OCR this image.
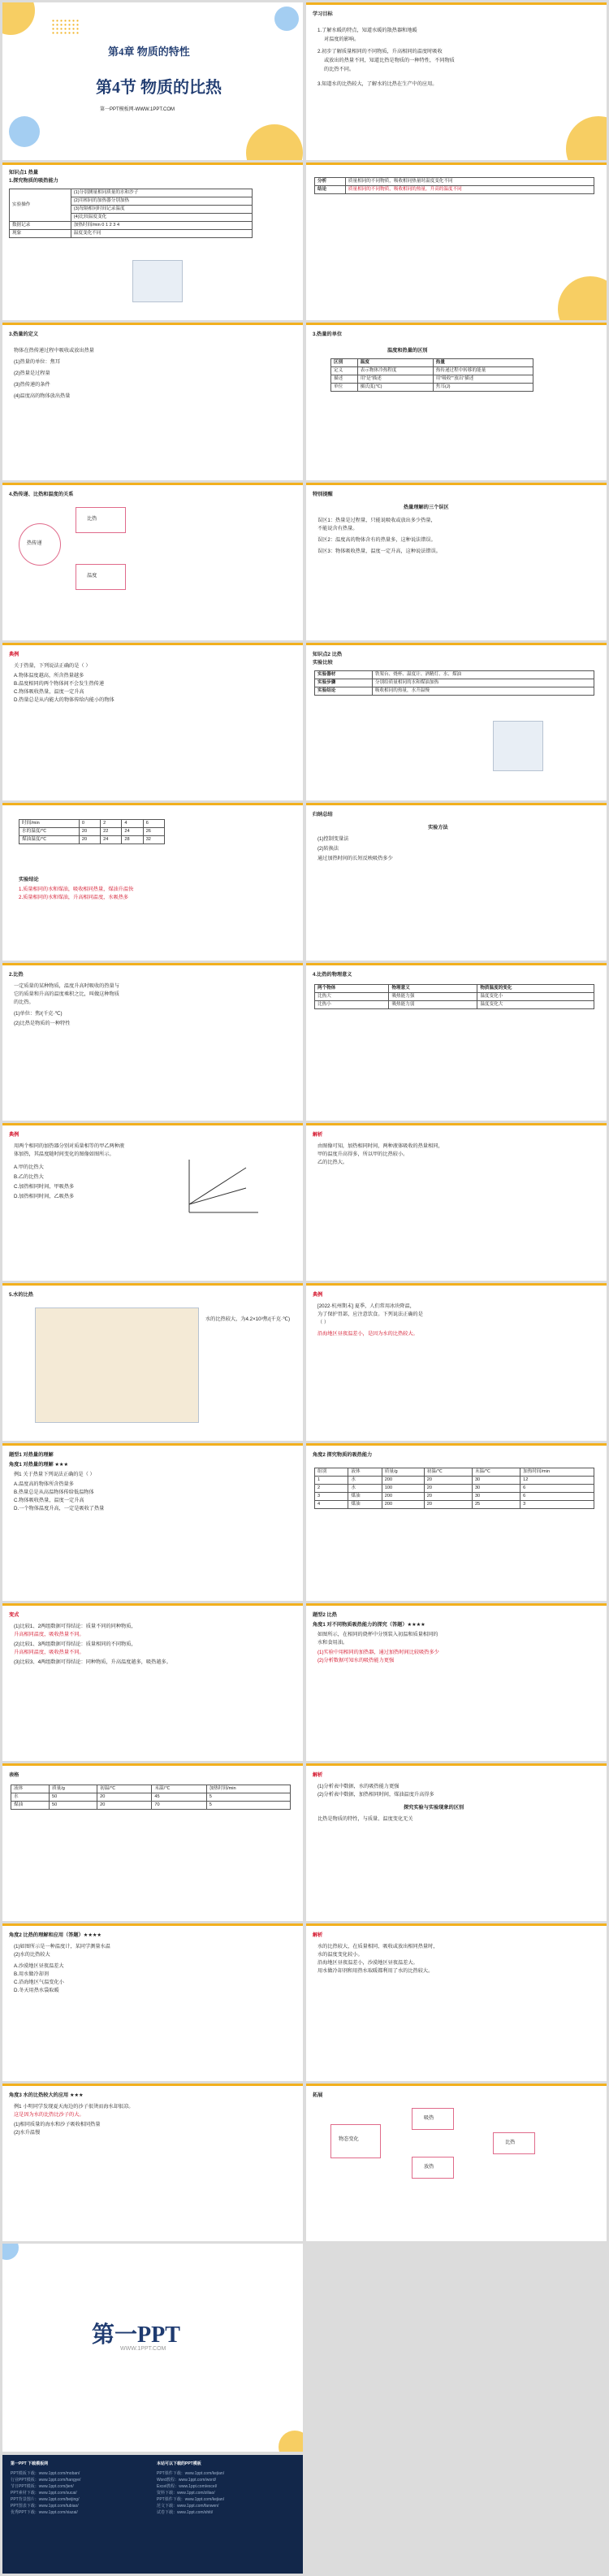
第4章 物质的特性
第4节 物质的比热
第一PPT模板网-WWW.1PPT.COM
学习目标
1.了解水暖的特点，知道水暖的散热器和地暖
对温度的影响。
2.初步了解质量相同的不同物质，升高相同的温度时吸收
或放出的热量不同，知道比热是物质的一种特性，不同物质
的比热不同。
3.知道水的比热较大，了解水的比热在生产中的应用。
知识点1 热量
1.探究物质的吸热能力
实验操作	(1)分别测量相同质量的水和沙子
	(2)用相同的加热器分别加热
	(3)每隔相同时间记录温度
	(4)比较温度变化
数据记录	加热时间/min 0 1 2 3 4
现象	温度变化不同
分析	质量相同的不同物质，吸收相同热量时温度变化不同
结论	质量相同的不同物质，吸收相同的热量，升高的温度不同
3.热量的定义
物体在热传递过程中吸收或放出热量
(1)热量的单位：焦耳
(2)热量是过程量
(3)热传递的条件
(4)温度高的物体放出热量
3.热量的单位
温度和热量的区别
区别	温度	热量
定义	表示物体冷热程度	热传递过程中转移的能量
描述	用“是”描述	用“吸收”“放出”描述
单位	摄氏度(℃)	焦耳(J)
4.热传递、比热和温度的关系
热传递
比热
温度
特别提醒
热量理解的三个误区
误区1：热量是过程量，只能说吸收或放出多少热量，
不能说含有热量。
误区2：温度高的物体含有的热量多，这种说法错误。
误区3：物体吸收热量，温度一定升高，这种说法错误。
典例
关于热量，下列说法正确的是（ ）
A.物体温度越高，所含热量越多
B.温度相同的两个物体间不会发生热传递
C.物体吸收热量，温度一定升高
D.热量总是从内能大的物体传给内能小的物体
知识点2 比热
实验比较
实验器材	铁架台、烧杯、温度计、酒精灯、水、煤油
实验步骤	分别给质量相同的水和煤油加热
实验结论	吸收相同的热量，水升温慢
时间/min	0	2	4	6
水的温度/℃	20	22	24	26
煤油温度/℃	20	24	28	32
实验结论
1.质量相同的水和煤油，吸收相同热量，煤油升温快
2.质量相同的水和煤油，升高相同温度，水吸热多
归纳总结
实验方法
(1)控制变量法
(2)转换法
通过加热时间的长短反映吸热多少
2.比热
一定质量的某种物质，温度升高时吸收的热量与
它的质量和升高的温度乘积之比，叫做这种物质
的比热。
(1)单位：焦/(千克·℃)
(2)比热是物质的一种特性
4.比热的物理意义
两个物体	物理意义	物质温度的变化
比热大	吸热能力强	温度变化小
比热小	吸热能力弱	温度变化大
典例
用两个相同的加热器分别对质量相等的甲乙两种液
体加热，其温度随时间变化的图像如图所示。
A.甲的比热大
B.乙的比热大
C.加热相同时间，甲吸热多
D.加热相同时间，乙吸热多
解析
由图像可知，加热相同时间，两种液体吸收的热量相同，
甲的温度升高得多，所以甲的比热较小。
乙的比热大。
5.水的比热
水的比热较大，为4.2×10³焦/(千克·℃)
典例
[2022·杭州期末] 夏季，人们常用冰块降温，
为了保护胃部，应注意饮食。下列说法正确的是
（ ）
沿海地区昼夜温差小，是因为水的比热较大。
题型1 对热量的理解
角度1 对热量的理解 ★★★
例1 关于热量下列说法正确的是（ ）
A.温度高的物体所含热量多
B.热量总是从高温物体传给低温物体
C.物体吸收热量，温度一定升高
D.一个物体温度升高，一定是吸收了热量
角度2 探究物质的吸热能力
组别	液体	质量/g	初温/℃	末温/℃	加热时间/min
1	水	200	20	30	12
2	水	100	20	30	6
3	煤油	200	20	30	6
4	煤油	200	20	25	3
变式
(1)比较1、2两组数据可得结论：质量不同的同种物质，
升高相同温度，吸收热量不同。
(2)比较1、3两组数据可得结论：质量相同的不同物质，
升高相同温度，吸收热量不同。
(3)比较3、4两组数据可得结论：同种物质，升高温度越多，吸热越多。
题型2 比热
角度1 对不同物质吸热能力的探究（答题）★★★★
如图所示，在相同的烧杯中分别装入初温和质量相同的
水和食用油。
(1)实验中用相同的加热器，通过加热时间比较吸热多少
(2)分析数据可知水的吸热能力更强
表格
液体	质量/g	初温/℃	末温/℃	加热时间/min
水	50	20	45	5
煤油	50	20	70	5
解析
(1)分析表中数据，水的吸热能力更强
(2)分析表中数据，加热相同时间，煤油温度升高得多
探究实验与实验现象的区别
比热是物质的特性，与质量、温度变化无关
角度2 比热的理解和应用（答题）★★★★
(1)如图所示是一种温度计，某同学测量水温
(2)水的比热较大
A.沙漠地区昼夜温差大
B.用水做冷却剂
C.沿海地区气温变化小
D.冬天用热水袋取暖
解析
水的比热较大，在质量相同、吸收或放出相同热量时，
水的温度变化较小。
沿海地区昼夜温差小，沙漠地区昼夜温差大。
用水做冷却剂和用热水取暖都利用了水的比热较大。
角度3 水的比热较大的应用 ★★★
例1 小明同学发现夏天海边的沙子很烫而海水却很凉。
这是因为水的比热比沙子的大。
(1)相同质量的海水和沙子吸收相同热量
(2)水升温慢
拓展
物态变化
吸热
放热
比热
第一PPT
WWW.1PPT.COM
第一PPT 下载模板网
PPT模板下载：www.1ppt.com/moban/
行业PPT模板：www.1ppt.com/hangye/
节日PPT模板：www.1ppt.com/jieri/
PPT素材下载：www.1ppt.com/sucai/
PPT背景图片：www.1ppt.com/beijing/
PPT图表下载：www.1ppt.com/tubiao/
优秀PPT下载：www.1ppt.com/xiazai/
本站可以下载的PPT模板
PPT课件下载：www.1ppt.com/kejian/
Word教程：www.1ppt.com/word/
Excel教程：www.1ppt.com/excel/
资料下载：www.1ppt.com/ziliao/
PPT课件下载：www.1ppt.com/kejian/
范文下载：www.1ppt.com/fanwen/
试卷下载：www.1ppt.com/shiti/
